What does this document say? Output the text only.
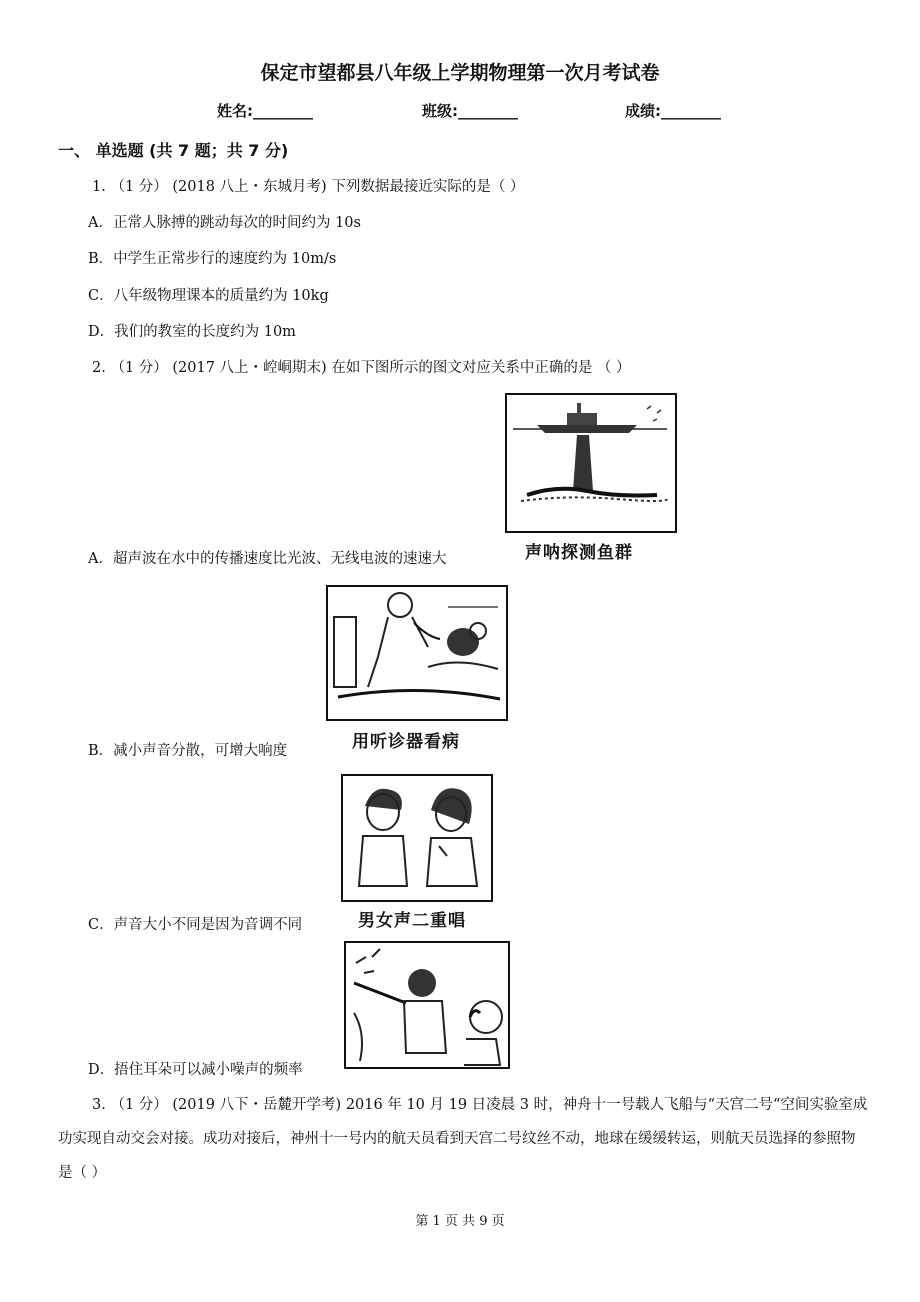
保定市望都县八年级上学期物理第一次月考试卷
姓名:________	班级:________	成绩:________
一、 单选题 (共 7 题；共 7 分)
1. （1 分） (2018 八上・东城月考) 下列数据最接近实际的是（ ）
A．正常人脉搏的跳动每次的时间约为 10s
B．中学生正常步行的速度约为 10m/s
C．八年级物理课本的质量约为 10kg
D．我们的教室的长度约为 10m
2. （1 分） (2017 八上・崆峒期末) 在如下图所示的图文对应关系中正确的是 （ ）
声呐探测鱼群
A．超声波在水中的传播速度比光波、无线电波的速速大
用听诊器看病
B．减小声音分散，可增大响度
男女声二重唱
C．声音大小不同是因为音调不同
D．捂住耳朵可以减小噪声的频率
3. （1 分） (2019 八下・岳麓开学考) 2016 年 10 月 19 日凌晨 3 时，神舟十一号载人飞船与“天宫二号“空间实验室成功实现自动交会对接。成功对接后，神州十一号内的航天员看到天宫二号纹丝不动，地球在缓缓转运，则航天员选择的参照物是（ ）
第 1 页 共 9 页
